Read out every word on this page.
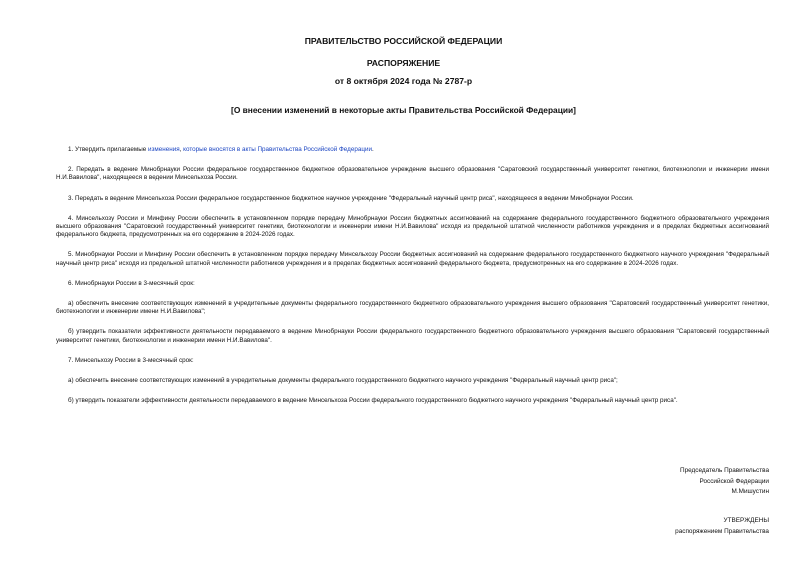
ПРАВИТЕЛЬСТВО РОССИЙСКОЙ ФЕДЕРАЦИИ
РАСПОРЯЖЕНИЕ
от 8 октября 2024 года № 2787-р
[О внесении изменений в некоторые акты Правительства Российской Федерации]

1. Утвердить прилагаемые изменения, которые вносятся в акты Правительства Российской Федерации.

2. Передать в ведение Минобрнауки России федеральное государственное бюджетное образовательное учреждение высшего образования "Саратовский государственный университет генетики, биотехнологии и инженерии имени Н.И.Вавилова", находящееся в ведении Минсельхоза России.

3. Передать в ведение Минсельхоза России федеральное государственное бюджетное научное учреждение "Федеральный научный центр риса", находящееся в ведении Минобрнауки России.

4. Минсельхозу России и Минфину России обеспечить в установленном порядке передачу Минобрнауки России бюджетных ассигнований на содержание федерального государственного бюджетного образовательного учреждения высшего образования "Саратовский государственный университет генетики, биотехнологии и инженерии имени Н.И.Вавилова" исходя из предельной штатной численности работников учреждения и в пределах бюджетных ассигнований федерального бюджета, предусмотренных на его содержание в 2024-2026 годах.

5. Минобрнауки России и Минфину России обеспечить в установленном порядке передачу Минсельхозу России бюджетных ассигнований на содержание федерального государственного бюджетного научного учреждения "Федеральный научный центр риса" исходя из предельной штатной численности работников учреждения и в пределах бюджетных ассигнований федерального бюджета, предусмотренных на его содержание в 2024-2026 годах.

6. Минобрнауки России в 3-месячный срок:

а) обеспечить внесение соответствующих изменений в учредительные документы федерального государственного бюджетного образовательного учреждения высшего образования "Саратовский государственный университет генетики, биотехнологии и инженерии имени Н.И.Вавилова";

б) утвердить показатели эффективности деятельности передаваемого в ведение Минобрнауки России федерального государственного бюджетного образовательного учреждения высшего образования "Саратовский государственный университет генетики, биотехнологии и инженерии имени Н.И.Вавилова".

7. Минсельхозу России в 3-месячный срок:

а) обеспечить внесение соответствующих изменений в учредительные документы федерального государственного бюджетного научного учреждения "Федеральный научный центр риса";

б) утвердить показатели эффективности деятельности передаваемого в ведение Минсельхоза России федерального государственного бюджетного научного учреждения "Федеральный научный центр риса".

Председатель Правительства
Российской Федерации
М.Мишустин
УТВЕРЖДЕНЫ
распоряжением Правительства
